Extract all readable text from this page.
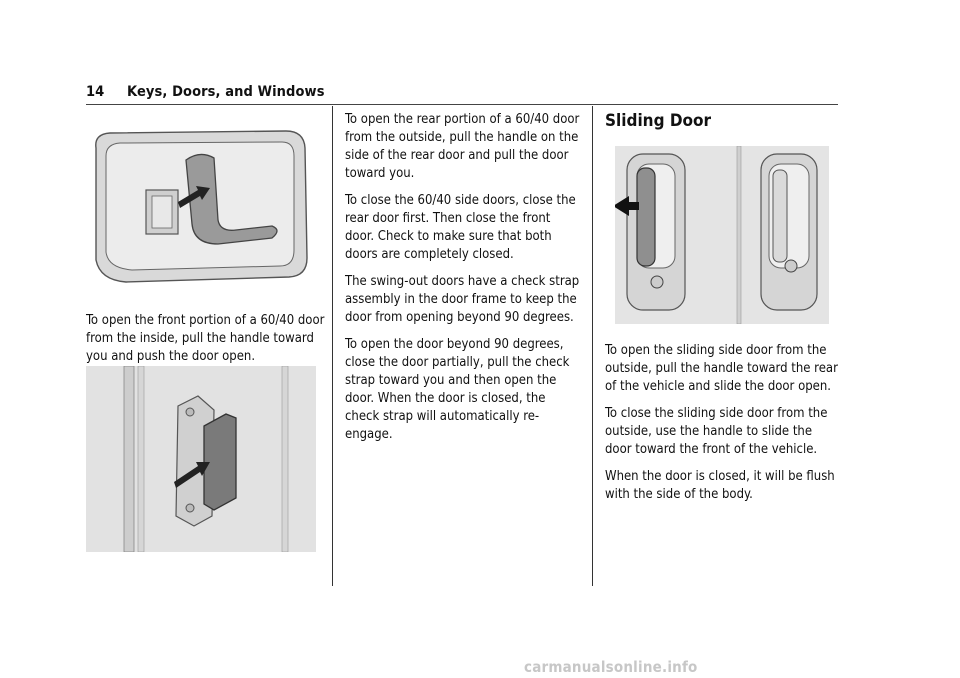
14 Keys, Doors, and Windows

To open the front portion of a 60/40 door from the inside, pull the handle toward you and push the door open.

To open the rear portion of a 60/40 door from the outside, pull the handle on the side of the rear door and pull the door toward you.

To close the 60/40 side doors, close the rear door first. Then close the front door. Check to make sure that both doors are completely closed.

The swing-out doors have a check strap assembly in the door frame to keep the door from opening beyond 90 degrees.

To open the door beyond 90 degrees, close the door partially, pull the check strap toward you and then open the door. When the door is closed, the check strap will automatically re-engage.

Sliding Door

To open the sliding side door from the outside, pull the handle toward the rear of the vehicle and slide the door open.

To close the sliding side door from the outside, use the handle to slide the door toward the front of the vehicle.

When the door is closed, it will be flush with the side of the body.

carmanualsonline.info
